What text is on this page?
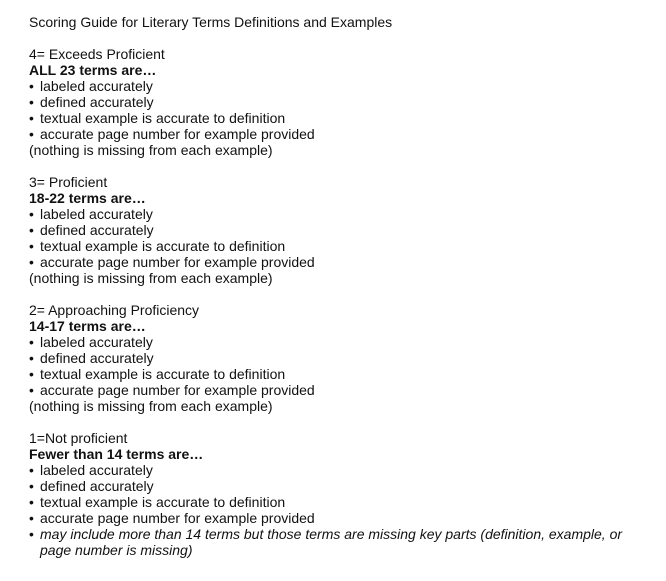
Scoring Guide for Literary Terms Definitions and Examples
4= Exceeds Proficient
ALL 23 terms are…
• labeled accurately
• defined accurately
• textual example is accurate to definition
• accurate page number for example provided
(nothing is missing from each example)
3= Proficient
18-22 terms are…
• labeled accurately
• defined accurately
• textual example is accurate to definition
• accurate page number for example provided
(nothing is missing from each example)
2= Approaching Proficiency
14-17 terms are…
• labeled accurately
• defined accurately
• textual example is accurate to definition
• accurate page number for example provided
(nothing is missing from each example)
1=Not proficient
Fewer than 14 terms are…
• labeled accurately
• defined accurately
• textual example is accurate to definition
• accurate page number for example provided
• may include more than 14 terms but those terms are missing key parts (definition, example, or page number is missing)
